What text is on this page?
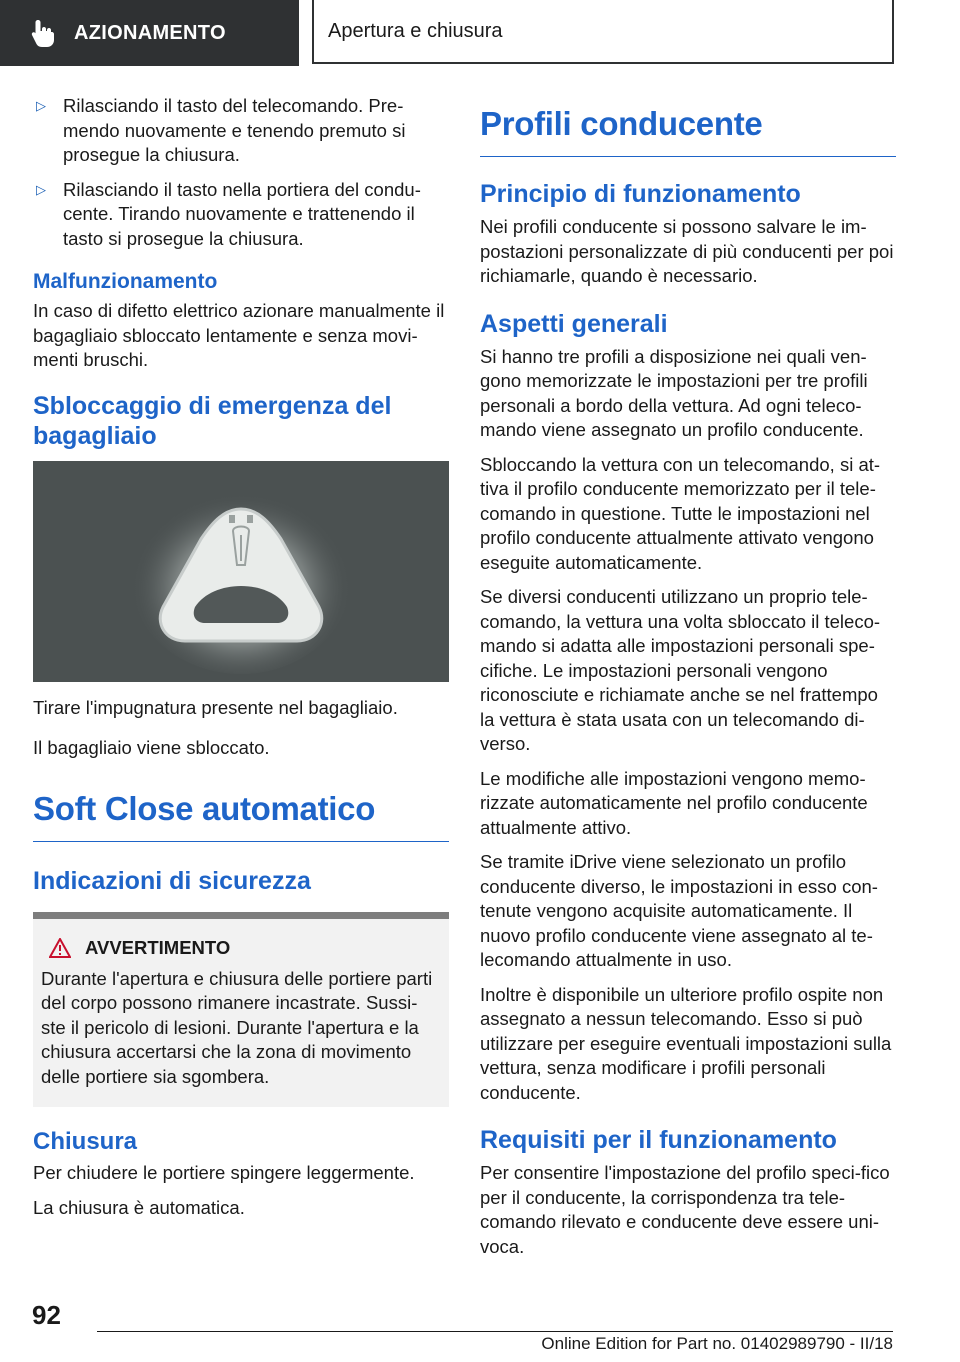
AZIONAMENTO	Apertura e chiusura
▷ Rilasciando il tasto del telecomando. Pre-mendo nuovamente e tenendo premuto si prosegue la chiusura.
▷ Rilasciando il tasto nella portiera del condu-cente. Tirando nuovamente e trattenendo il tasto si prosegue la chiusura.
Malfunzionamento

In caso di difetto elettrico azionare manualmente il bagagliaio sbloccato lentamente e senza movi-menti bruschi.

Sbloccaggio di emergenza del bagagliaio

Tirare l'impugnatura presente nel bagagliaio.

Il bagagliaio viene sbloccato.

Soft Close automatico
Indicazioni di sicurezza
AVVERTIMENTO

Durante l'apertura e chiusura delle portiere parti del corpo possono rimanere incastrate. Sussi-ste il pericolo di lesioni. Durante l'apertura e la chiusura accertarsi che la zona di movimento delle portiere sia sgombera.

Chiusura

Per chiudere le portiere spingere leggermente.

La chiusura è automatica.

Profili conducente
Principio di funzionamento

Nei profili conducente si possono salvare le im-postazioni personalizzate di più conducenti per poi richiamarle, quando è necessario.

Aspetti generali

Si hanno tre profili a disposizione nei quali ven-gono memorizzate le impostazioni per tre profili personali a bordo della vettura. Ad ogni teleco-mando viene assegnato un profilo conducente.

Sbloccando la vettura con un telecomando, si at-tiva il profilo conducente memorizzato per il tele-comando in questione. Tutte le impostazioni nel profilo conducente attualmente attivato vengono eseguite automaticamente.

Se diversi conducenti utilizzano un proprio tele-comando, la vettura una volta sbloccato il teleco-mando si adatta alle impostazioni personali spe-cifiche. Le impostazioni personali vengono riconosciute e richiamate anche se nel frattempo la vettura è stata usata con un telecomando di-verso.

Le modifiche alle impostazioni vengono memo-rizzate automaticamente nel profilo conducente attualmente attivo.

Se tramite iDrive viene selezionato un profilo conducente diverso, le impostazioni in esso con-tenute vengono acquisite automaticamente. Il nuovo profilo conducente viene assegnato al te-lecomando attualmente in uso.

Inoltre è disponibile un ulteriore profilo ospite non assegnato a nessun telecomando. Esso si può utilizzare per eseguire eventuali impostazioni sulla vettura, senza modificare i profili personali conducente.

Requisiti per il funzionamento

Per consentire l'impostazione del profilo speci-fico per il conducente, la corrispondenza tra tele-comando rilevato e conducente deve essere uni-voca.

92
Online Edition for Part no. 01402989790 - II/18
